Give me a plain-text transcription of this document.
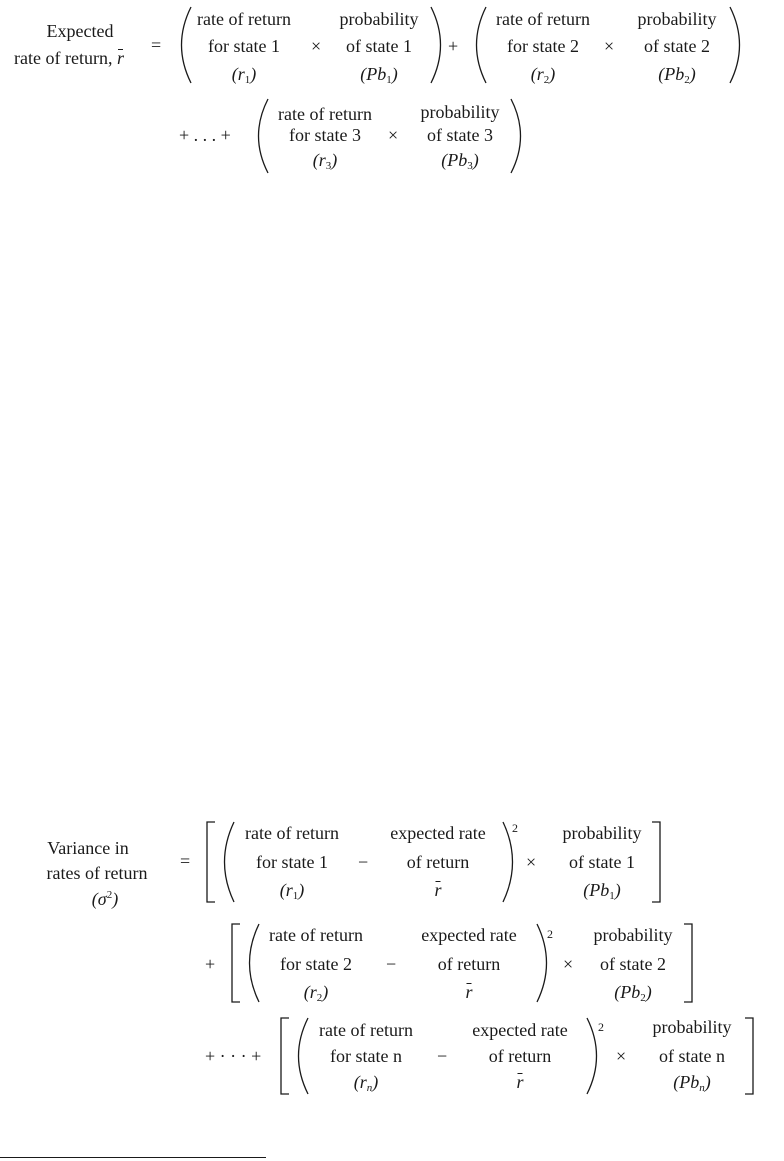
Expected
rate of return, r
=
rate of return
for state 1
$(r_1)$
×
probability
of state 1
$(Pb_1)$
+
rate of return
for state 2
$(r_2)$
×
probability
of state 2
$(Pb_2)$
+ . . . +
rate of return
for state 3
$(r_3)$
×
probability
of state 3
$(Pb_3)$
Variance in
rates of return
$(\sigma^2)$
=
rate of return
for state 1
$(r_1)$
−
expected rate
of return
r
2
×
probability
of state 1
$(Pb_1)$
+
rate of return
for state 2
$(r_2)$
−
expected rate
of return
r
2
×
probability
of state 2
$(Pb_2)$
+ · · · +
rate of return
for state n
$(r_n)$
−
expected rate
of return
r
2
×
probability
of state n
$(Pb_n)$
